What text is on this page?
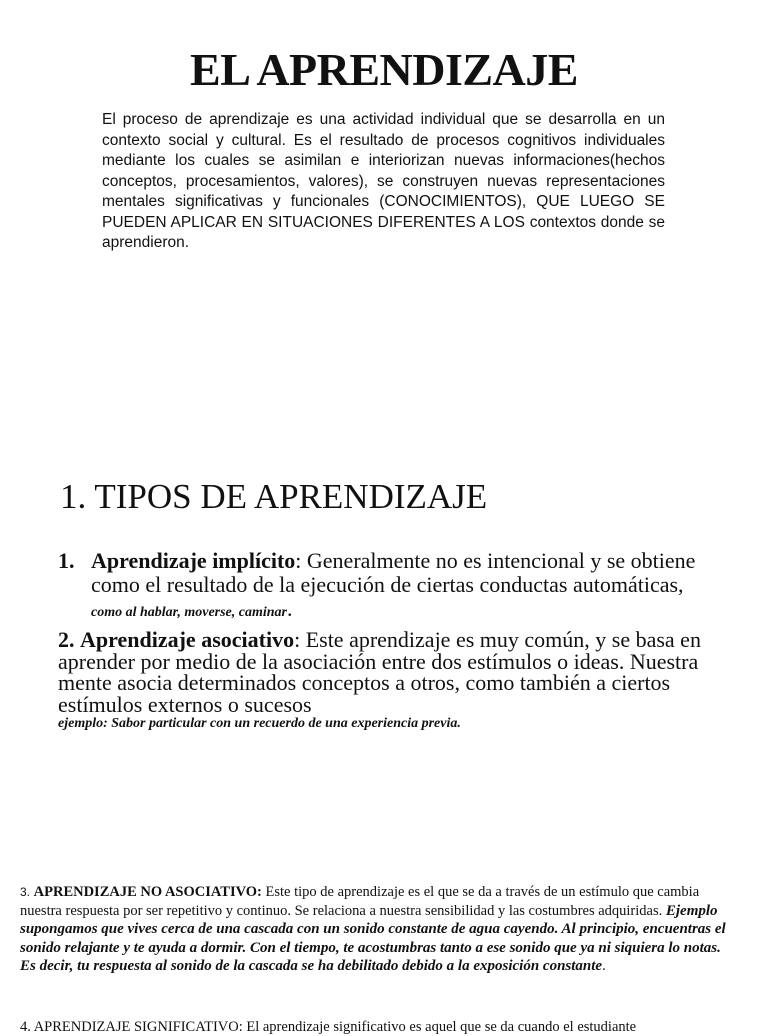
EL APRENDIZAJE

El proceso de aprendizaje es una actividad individual que se desarrolla en un contexto social y cultural. Es el resultado de procesos cognitivos individuales mediante los cuales se asimilan e interiorizan nuevas informaciones(hechos conceptos, procesamientos, valores), se construyen nuevas representaciones mentales significativas y funcionales (CONOCIMIENTOS), QUE LUEGO SE PUEDEN APLICAR EN SITUACIONES DIFERENTES A LOS contextos donde se aprendieron.

1. TIPOS DE APRENDIZAJE
1. Aprendizaje implícito: Generalmente no es intencional y se obtiene como el resultado de la ejecución de ciertas conductas automáticas, como al hablar, moverse, caminar.
2. Aprendizaje asociativo: Este aprendizaje es muy común, y se basa en aprender por medio de la asociación entre dos estímulos o ideas. Nuestra mente asocia determinados conceptos a otros, como también a ciertos estímulos externos o sucesos
ejemplo: Sabor particular con un recuerdo de una experiencia previa.
3. APRENDIZAJE NO ASOCIATIVO: Este tipo de aprendizaje es el que se da a través de un estímulo que cambia nuestra respuesta por ser repetitivo y continuo. Se relaciona a nuestra sensibilidad y las costumbres adquiridas. Ejemplo supongamos que vives cerca de una cascada con un sonido constante de agua cayendo. Al principio, encuentras el sonido relajante y te ayuda a dormir. Con el tiempo, te acostumbras tanto a ese sonido que ya ni siquiera lo notas. Es decir, tu respuesta al sonido de la cascada se ha debilitado debido a la exposición constante.
4. APRENDIZAJE SIGNIFICATIVO: El aprendizaje significativo es aquel que se da cuando el estudiante
